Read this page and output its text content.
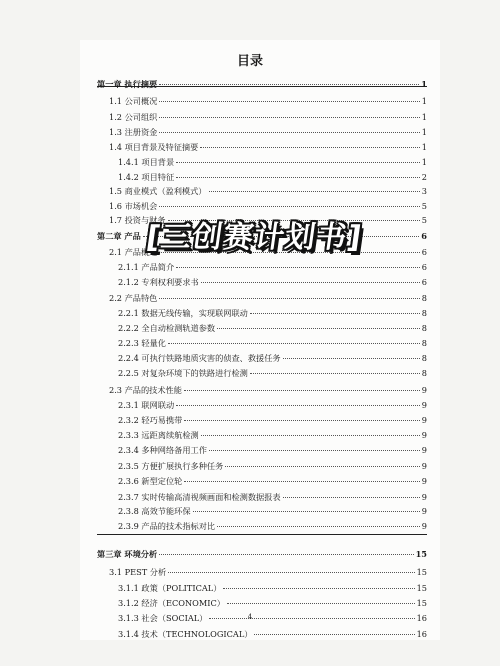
目录
第一章 执行摘要	1
1.1 公司概况	1
1.2 公司组织	1
1.3 注册资金	1
1.4 项目背景及特征摘要	1
1.4.1 项目背景	1
1.4.2 项目特征	2
1.5 商业模式（盈利模式）	3
1.6 市场机会	5
1.7 投资与财务	5
第二章 产品	6
2.1 产品概述	6
2.1.1 产品简介	6
2.1.2 专利权利要求书	6
2.2 产品特色	8
2.2.1 数据无线传输，实现联网联动	8
2.2.2 全自动检测轨道参数	8
2.2.3 轻量化	8
2.2.4 可执行铁路地质灾害的侦查、救援任务	8
2.2.5 对复杂环境下的铁路进行检测	8
2.3 产品的技术性能	9
2.3.1 联网联动	9
2.3.2 轻巧易携带	9
2.3.3 远距离续航检测	9
2.3.4 多种网络备用工作	9
2.3.5 方便扩展执行多种任务	9
2.3.6 新型定位轮	9
2.3.7 实时传输高清视频画面和检测数据报表	9
2.3.8 高效节能环保	9
2.3.9 产品的技术指标对比	9
第三章 环境分析	15
3.1 PEST 分析	15
3.1.1 政策（POLITICAL）	15
3.1.2 经济（ECONOMIC）	15
3.1.3 社会（SOCIAL）	16
3.1.4 技术（TECHNOLOGICAL）	16
[三创赛计划书]
4
